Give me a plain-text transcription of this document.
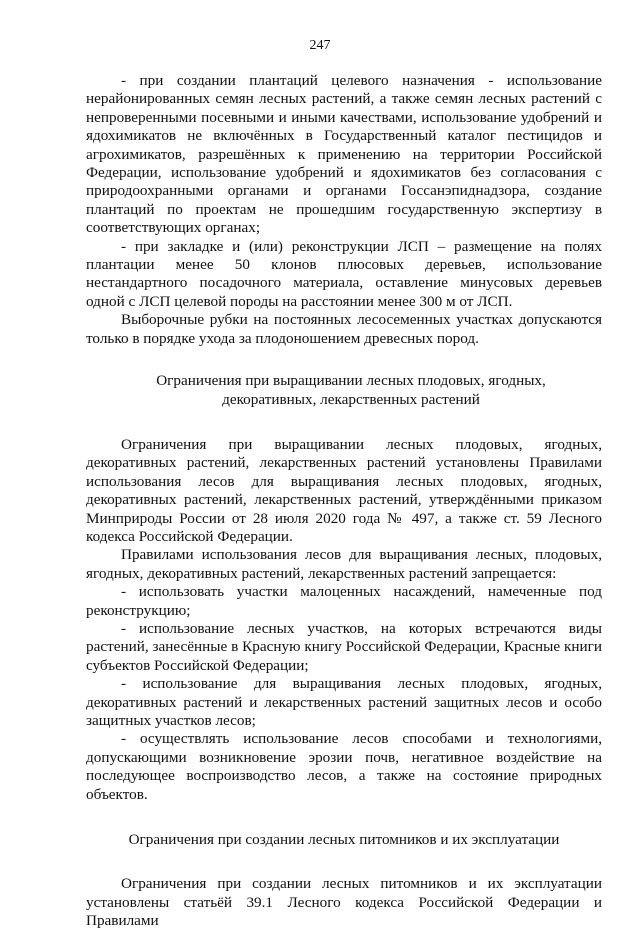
247

- при создании плантаций целевого назначения - использование нерайонированных семян лесных растений, а также семян лесных растений с непроверенными посевными и иными качествами, использование удобрений и ядохимикатов не включённых в Государственный каталог пестицидов и агрохимикатов, разрешённых к применению на территории Российской Федерации, использование удобрений и ядохимикатов без согласования с природоохранными органами и органами Госсанэпиднадзора, создание плантаций по проектам не прошедшим государственную экспертизу в соответствующих органах;

- при закладке и (или) реконструкции ЛСП – размещение на полях плантации менее 50 клонов плюсовых деревьев, использование нестандартного посадочного материала, оставление минусовых деревьев одной с ЛСП целевой породы на расстоянии менее 300 м от ЛСП.

Выборочные рубки на постоянных лесосеменных участках допускаются только в порядке ухода за плодоношением древесных пород.

Ограничения при выращивании лесных плодовых, ягодных,
декоративных, лекарственных растений

Ограничения при выращивании лесных плодовых, ягодных, декоративных растений, лекарственных растений установлены Правилами использования лесов для выращивания лесных плодовых, ягодных, декоративных растений, лекарственных растений, утверждёнными приказом Минприроды России от 28 июля 2020 года № 497, а также ст. 59 Лесного кодекса Российской Федерации.

Правилами использования лесов для выращивания лесных, плодовых, ягодных, декоративных растений, лекарственных растений запрещается:

- использовать участки малоценных насаждений, намеченные под реконструкцию;

- использование лесных участков, на которых встречаются виды растений, занесённые в Красную книгу Российской Федерации, Красные книги субъектов Российской Федерации;

- использование для выращивания лесных плодовых, ягодных, декоративных растений и лекарственных растений защитных лесов и особо защитных участков лесов;

- осуществлять использование лесов способами и технологиями, допускающими возникновение эрозии почв, негативное воздействие на последующее воспроизводство лесов, а также на состояние природных объектов.

Ограничения при создании лесных питомников и их эксплуатации

Ограничения при создании лесных питомников и их эксплуатации установлены статьёй 39.1 Лесного кодекса Российской Федерации и Правилами
